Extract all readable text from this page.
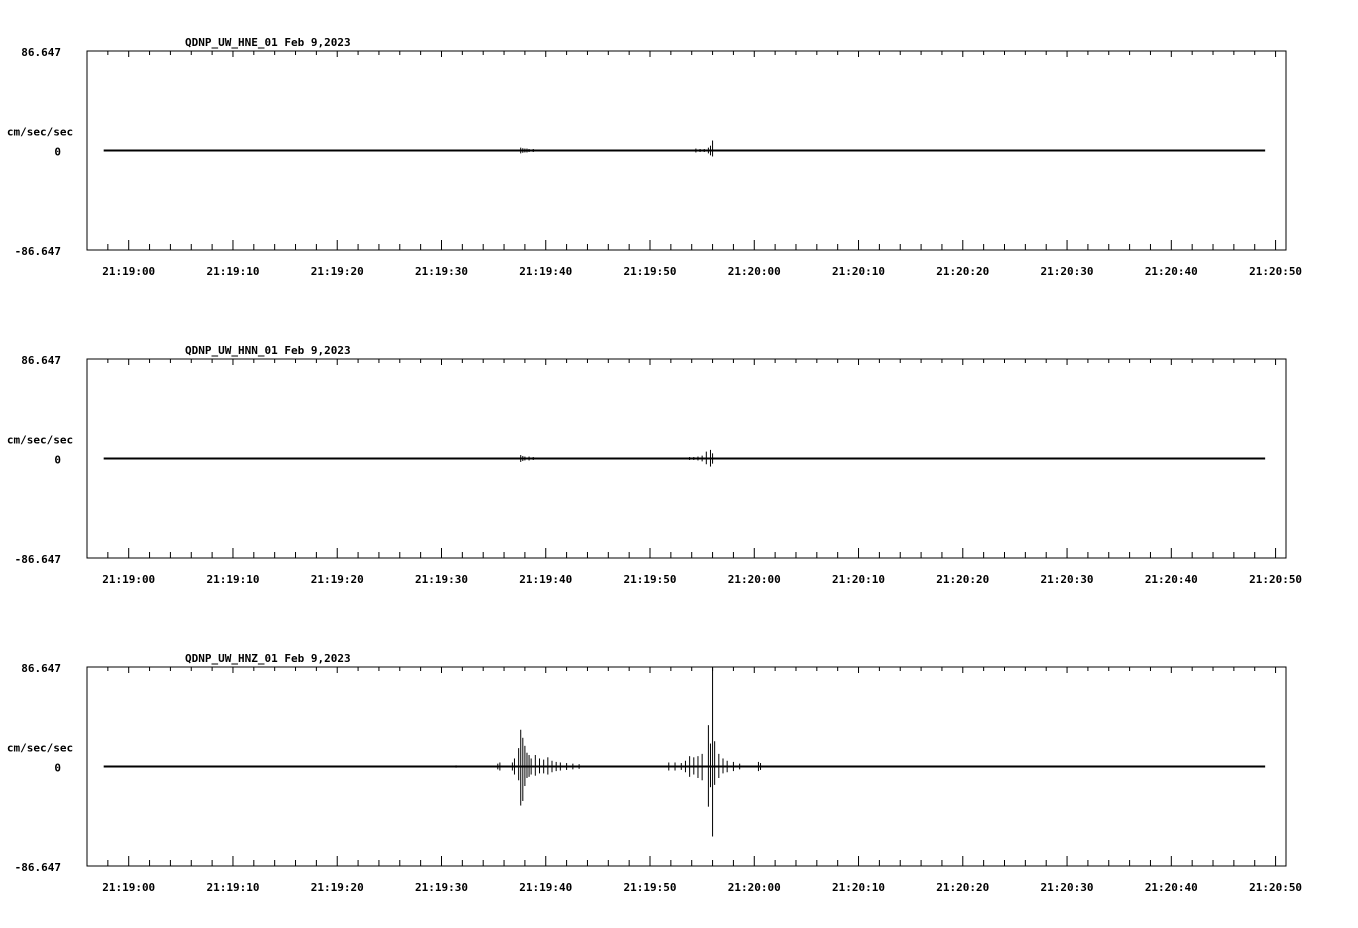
QDNP_UW_HNE_01 Feb 9,2023
86.647
0
-86.647
cm/sec/sec
21:19:00	21:19:10	21:19:20	21:19:30	21:19:40	21:19:50	21:20:00	21:20:10	21:20:20	21:20:30	21:20:40	21:20:50
QDNP_UW_HNN_01 Feb 9,2023
86.647
0
-86.647
cm/sec/sec
21:19:00	21:19:10	21:19:20	21:19:30	21:19:40	21:19:50	21:20:00	21:20:10	21:20:20	21:20:30	21:20:40	21:20:50
QDNP_UW_HNZ_01 Feb 9,2023
86.647
0
-86.647
cm/sec/sec
21:19:00	21:19:10	21:19:20	21:19:30	21:19:40	21:19:50	21:20:00	21:20:10	21:20:20	21:20:30	21:20:40	21:20:50
